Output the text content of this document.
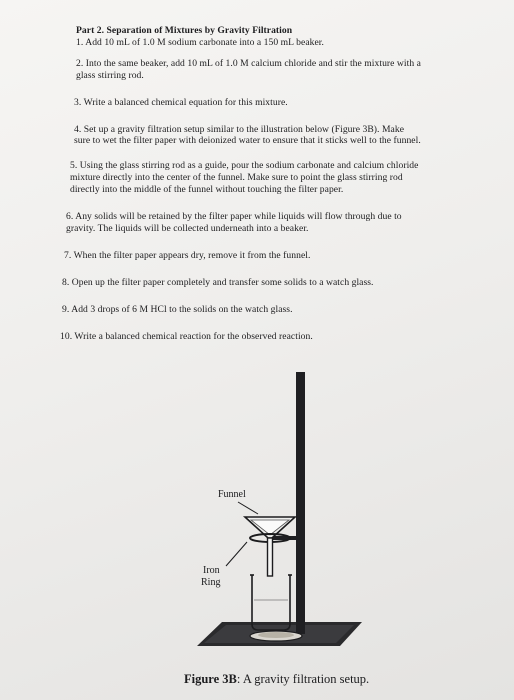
Part 2. Separation of Mixtures by Gravity Filtration
1. Add 10 mL of 1.0 M sodium carbonate into a 150 mL beaker.
2. Into the same beaker, add 10 mL of 1.0 M calcium chloride and stir the mixture with a
glass stirring rod.
3. Write a balanced chemical equation for this mixture.
4. Set up a gravity filtration setup similar to the illustration below (Figure 3B). Make
sure to wet the filter paper with deionized water to ensure that it sticks well to the funnel.
5. Using the glass stirring rod as a guide, pour the sodium carbonate and calcium chloride
mixture directly into the center of the funnel. Make sure to point the glass stirring rod
directly into the middle of the funnel without touching the filter paper.
6. Any solids will be retained by the filter paper while liquids will flow through due to
gravity. The liquids will be collected underneath into a beaker.
7. When the filter paper appears dry, remove it from the funnel.
8. Open up the filter paper completely and transfer some solids to a watch glass.
9. Add 3 drops of 6 M HCl to the solids on the watch glass.
10. Write a balanced chemical reaction for the observed reaction.
Funnel
Iron
Ring
Figure 3B: A gravity filtration setup.
